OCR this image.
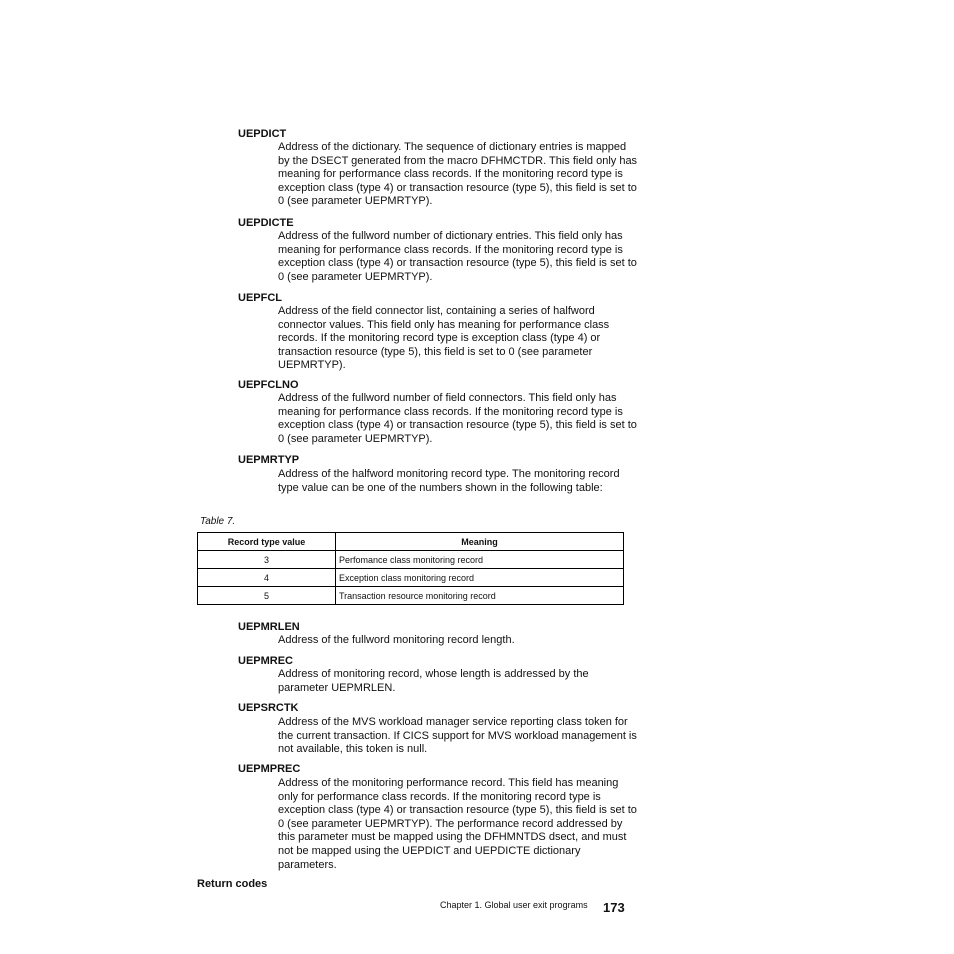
UEPDICT
Address of the dictionary. The sequence of dictionary entries is mapped by the DSECT generated from the macro DFHMCTDR. This field only has meaning for performance class records. If the monitoring record type is exception class (type 4) or transaction resource (type 5), this field is set to 0 (see parameter UEPMRTYP).
UEPDICTE
Address of the fullword number of dictionary entries. This field only has meaning for performance class records. If the monitoring record type is exception class (type 4) or transaction resource (type 5), this field is set to 0 (see parameter UEPMRTYP).
UEPFCL
Address of the field connector list, containing a series of halfword connector values. This field only has meaning for performance class records. If the monitoring record type is exception class (type 4) or transaction resource (type 5), this field is set to 0 (see parameter UEPMRTYP).
UEPFCLNO
Address of the fullword number of field connectors. This field only has meaning for performance class records. If the monitoring record type is exception class (type 4) or transaction resource (type 5), this field is set to 0 (see parameter UEPMRTYP).
UEPMRTYP
Address of the halfword monitoring record type. The monitoring record type value can be one of the numbers shown in the following table:
Table 7.
Record type value	Meaning
3	Perfomance class monitoring record
4	Exception class monitoring record
5	Transaction resource monitoring record
UEPMRLEN
Address of the fullword monitoring record length.
UEPMREC
Address of monitoring record, whose length is addressed by the parameter UEPMRLEN.
UEPSRCTK
Address of the MVS workload manager service reporting class token for the current transaction. If CICS support for MVS workload management is not available, this token is null.
UEPMPREC
Address of the monitoring performance record. This field has meaning only for performance class records. If the monitoring record type is exception class (type 4) or transaction resource (type 5), this field is set to 0 (see parameter UEPMRTYP). The performance record addressed by this parameter must be mapped using the DFHMNTDS dsect, and must not be mapped using the UEPDICT and UEPDICTE dictionary parameters.
Return codes
Chapter 1. Global user exit programs 173
